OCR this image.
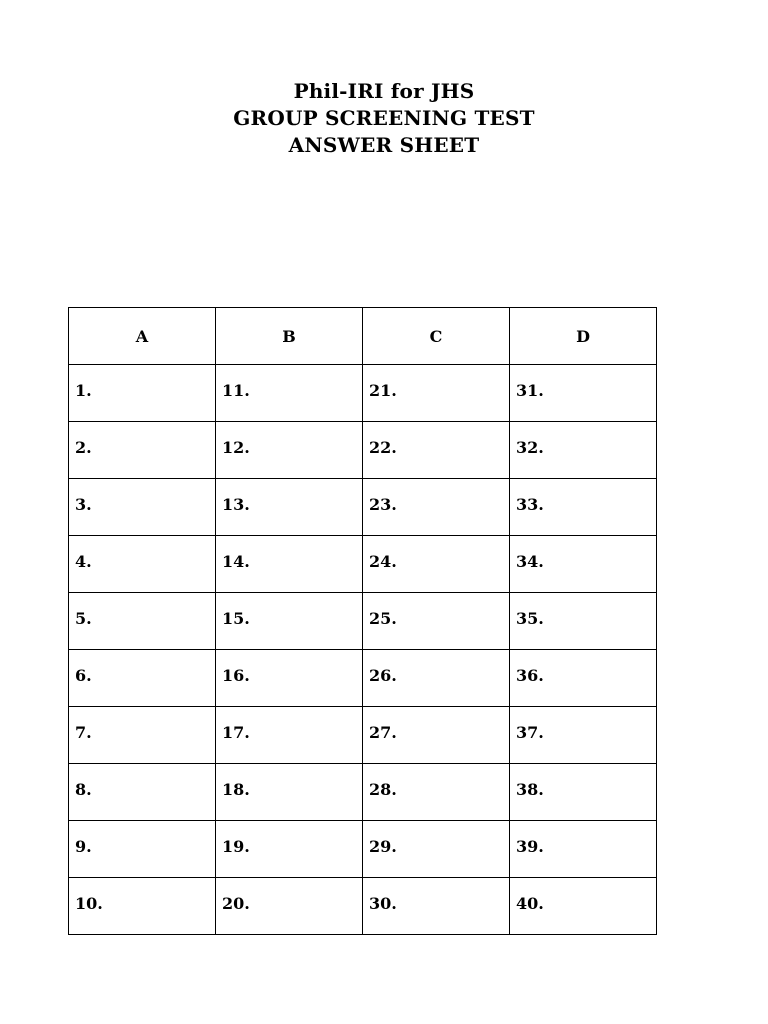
Phil-IRI for JHS
GROUP SCREENING TEST
ANSWER SHEET
A	B	C	D
1.	11.	21.	31.
2.	12.	22.	32.
3.	13.	23.	33.
4.	14.	24.	34.
5.	15.	25.	35.
6.	16.	26.	36.
7.	17.	27.	37.
8.	18.	28.	38.
9.	19.	29.	39.
10.	20.	30.	40.
